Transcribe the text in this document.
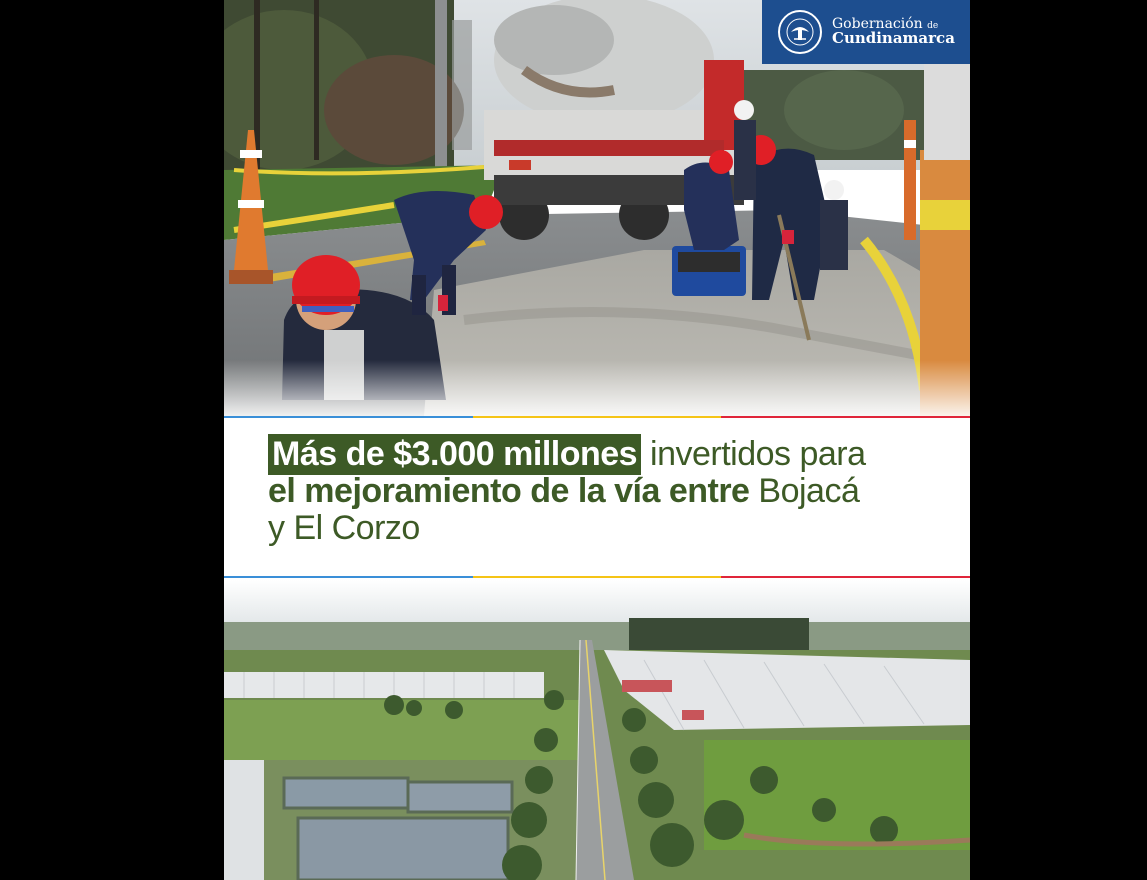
Gobernación de
Cundinamarca
Más de $3.000 millones invertidos para
el mejoramiento de la vía entre Bojacá
y El Corzo
